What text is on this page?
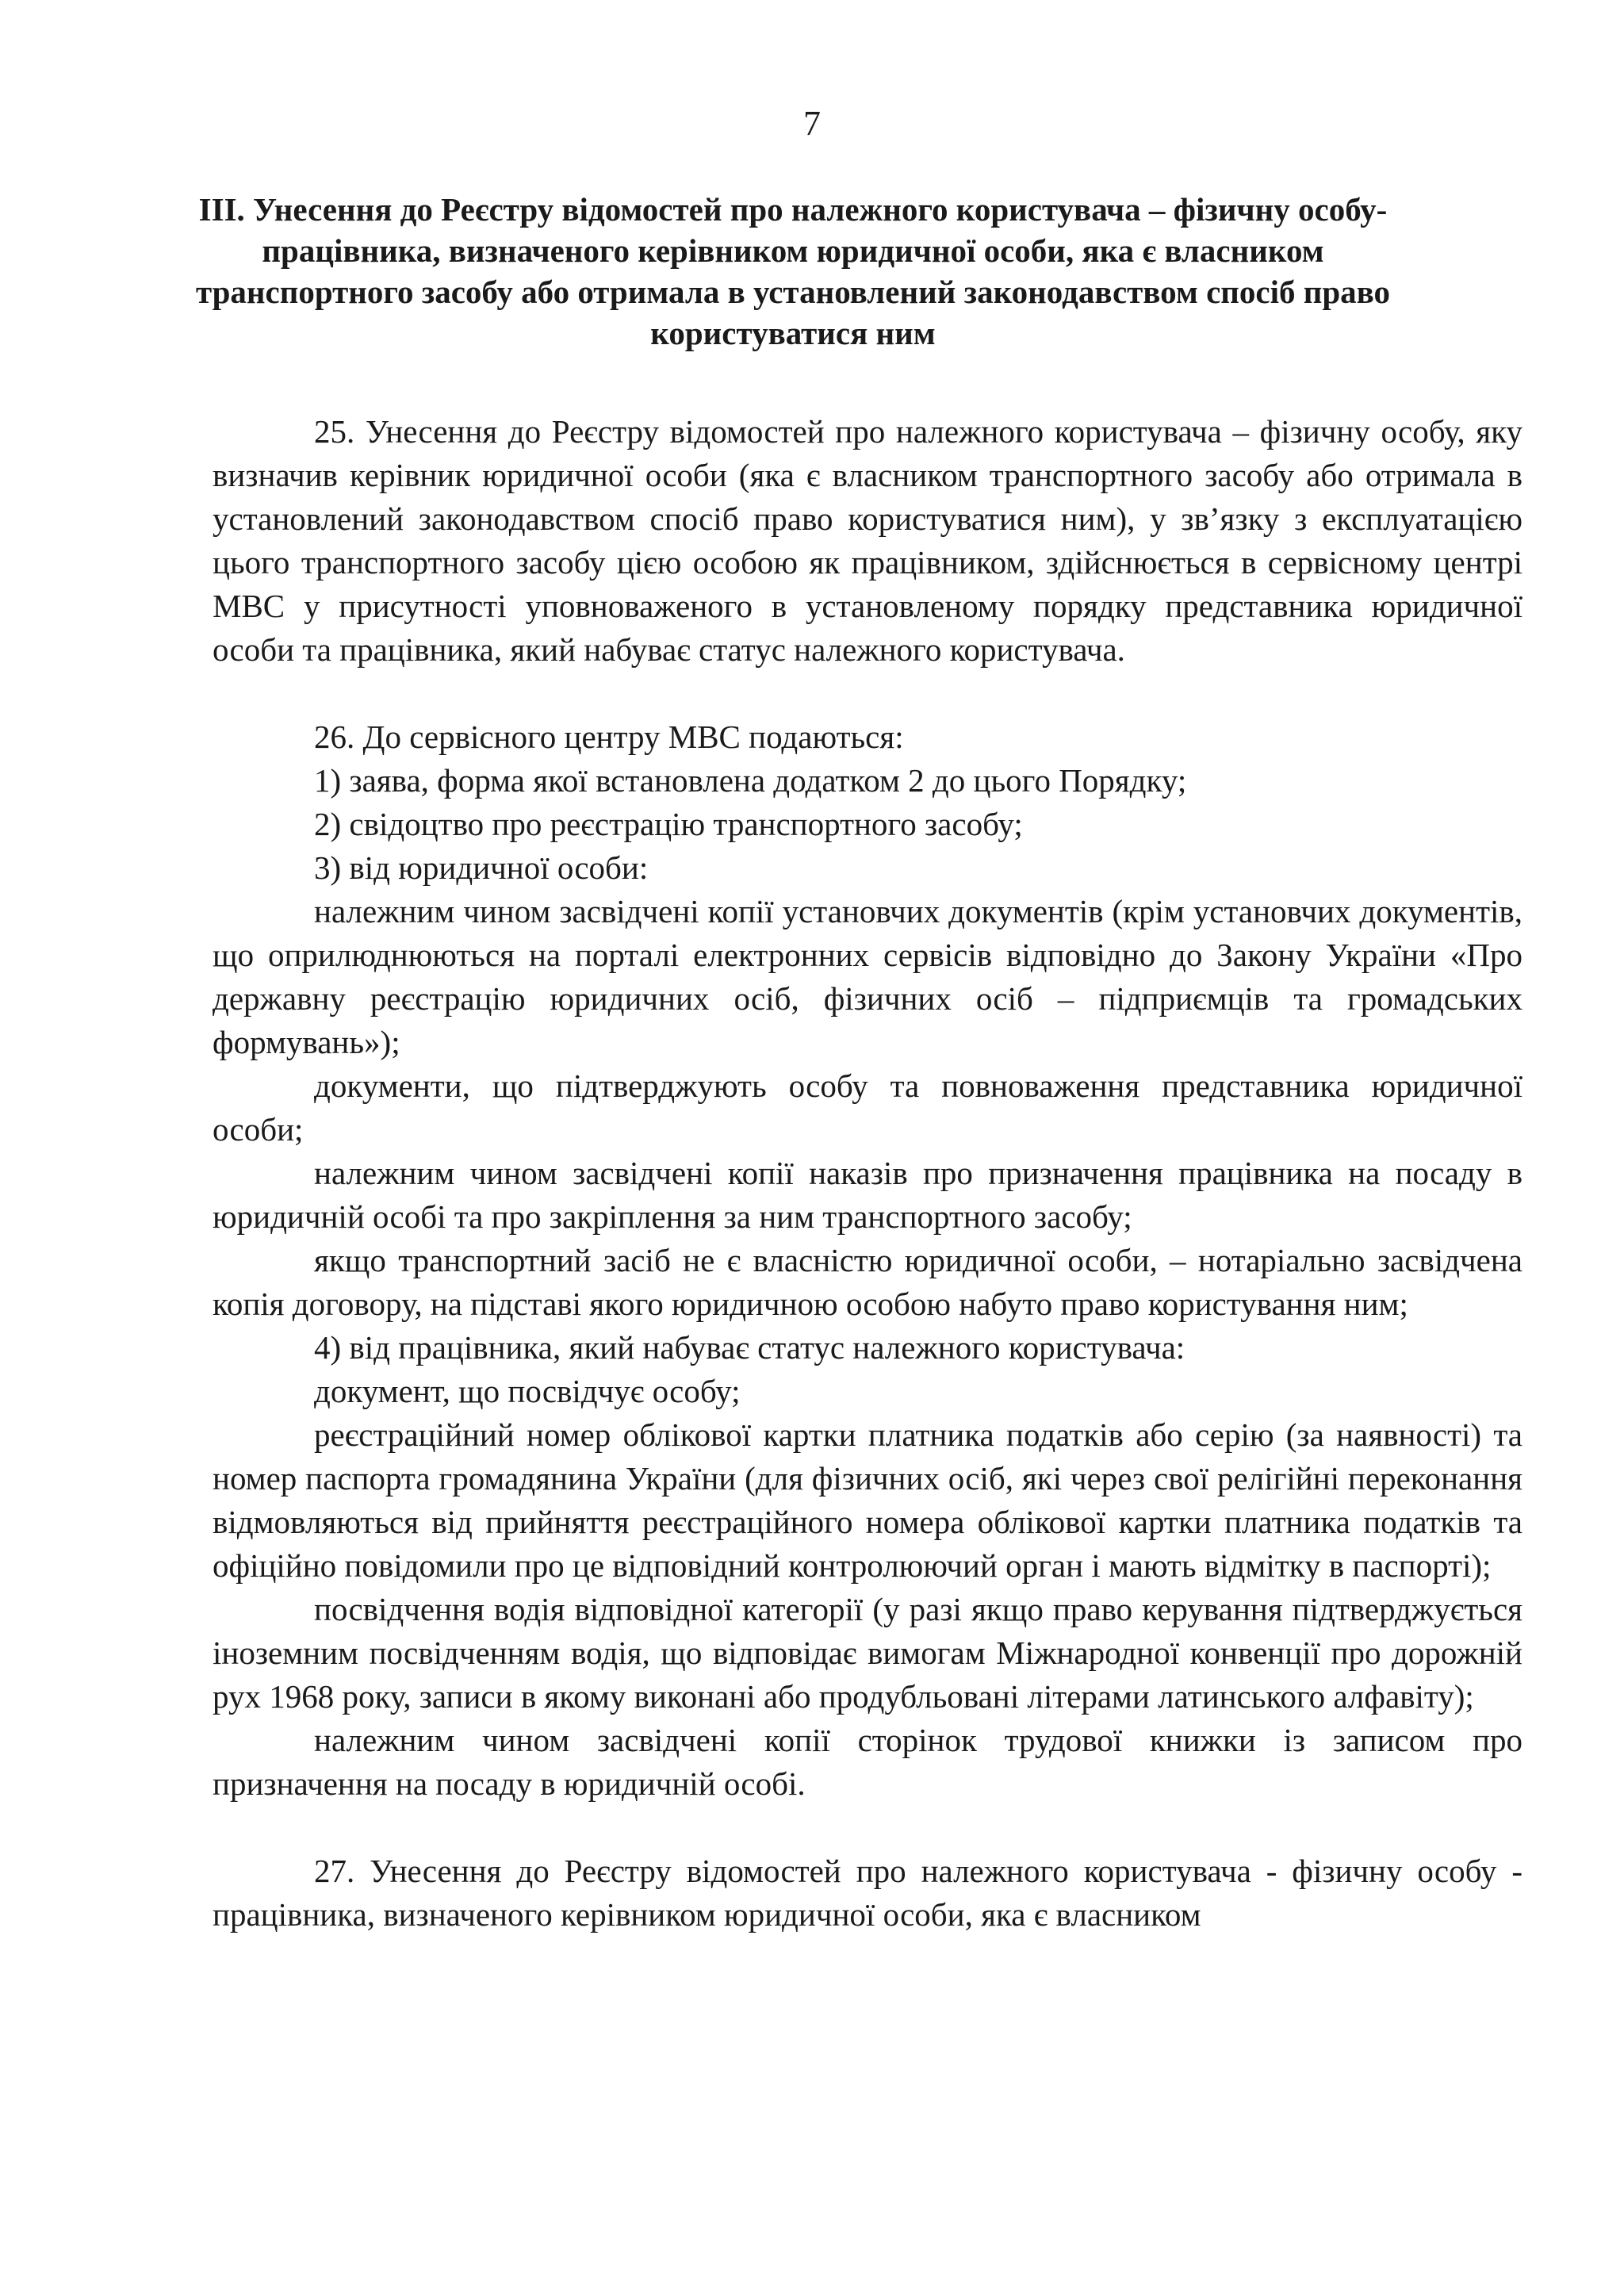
7
III. Унесення до Реєстру відомостей про належного користувача – фізичну особу-працівника, визначеного керівником юридичної особи, яка є власником транспортного засобу або отримала в установлений законодавством спосіб право користуватися ним

25. Унесення до Реєстру відомостей про належного користувача – фізичну особу, яку визначив керівник юридичної особи (яка є власником транспортного засобу або отримала в установлений законодавством спосіб право користуватися ним), у зв’язку з експлуатацією цього транспортного засобу цією особою як працівником, здійснюється в сервісному центрі МВС у присутності уповноваженого в установленому порядку представника юридичної особи та працівника, який набуває статус належного користувача.

26. До сервісного центру МВС подаються:

1) заява, форма якої встановлена додатком 2 до цього Порядку;

2) свідоцтво про реєстрацію транспортного засобу;

3) від юридичної особи:

належним чином засвідчені копії установчих документів (крім установчих документів, що оприлюднюються на порталі електронних сервісів відповідно до Закону України «Про державну реєстрацію юридичних осіб, фізичних осіб – підприємців та громадських формувань»);

документи, що підтверджують особу та повноваження представника юридичної особи;

належним чином засвідчені копії наказів про призначення працівника на посаду в юридичній особі та про закріплення за ним транспортного засобу;

якщо транспортний засіб не є власністю юридичної особи, – нотаріально засвідчена копія договору, на підставі якого юридичною особою набуто право користування ним;

4) від працівника, який набуває статус належного користувача:

документ, що посвідчує особу;

реєстраційний номер облікової картки платника податків або серію (за наявності) та номер паспорта громадянина України (для фізичних осіб, які через свої релігійні переконання відмовляються від прийняття реєстраційного номера облікової картки платника податків та офіційно повідомили про це відповідний контролюючий орган і мають відмітку в паспорті);

посвідчення водія відповідної категорії (у разі якщо право керування підтверджується іноземним посвідченням водія, що відповідає вимогам Міжнародної конвенції про дорожній рух 1968 року, записи в якому виконані або продубльовані літерами латинського алфавіту);

належним чином засвідчені копії сторінок трудової книжки із записом про призначення на посаду в юридичній особі.

27. Унесення до Реєстру відомостей про належного користувача - фізичну особу - працівника, визначеного керівником юридичної особи, яка є власником
